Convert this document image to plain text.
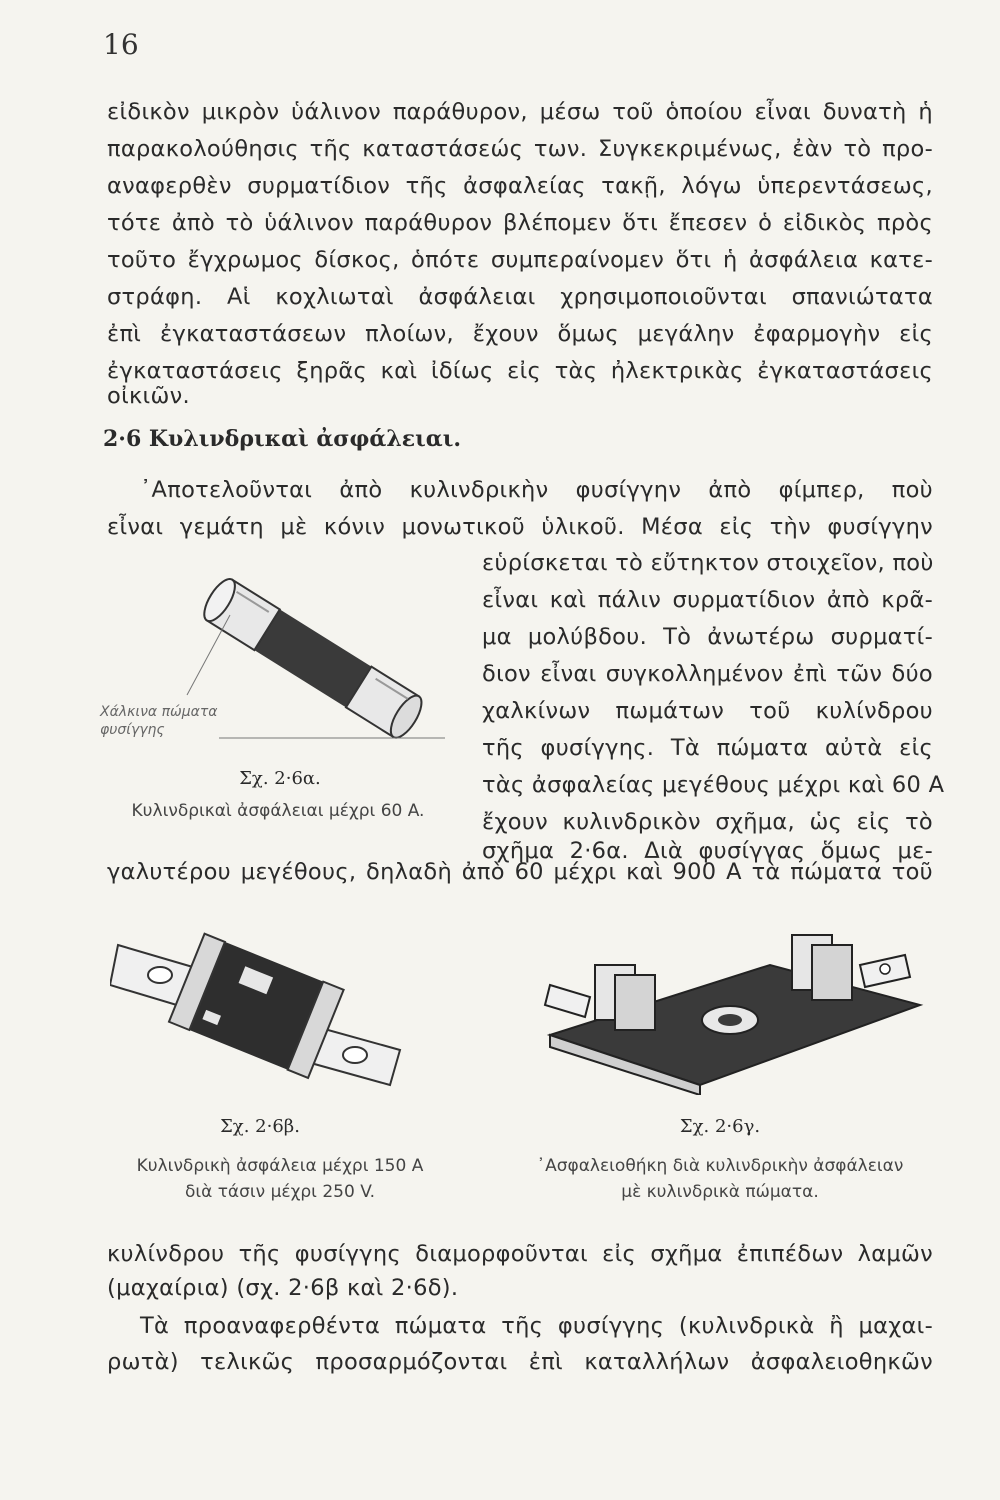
16
εἰδικὸν μικρὸν ὑάλινον παράθυρον, μέσω τοῦ ὁποίου εἶναι δυνατὴ ἡ
παρακολούθησις τῆς καταστάσεώς των. Συγκεκριμένως, ἐὰν τὸ προ-
αναφερθὲν συρματίδιον τῆς ἀσφαλείας τακῇ, λόγω ὑπερεντάσεως,
τότε ἀπὸ τὸ ὑάλινον παράθυρον βλέπομεν ὅτι ἔπεσεν ὁ εἰδικὸς πρὸς
τοῦτο ἔγχρωμος δίσκος, ὁπότε συμπεραίνομεν ὅτι ἡ ἀσφάλεια κατε-
στράφη. Αἱ κοχλιωταὶ ἀσφάλειαι χρησιμοποιοῦνται σπανιώτατα
ἐπὶ ἐγκαταστάσεων πλοίων, ἔχουν ὅμως μεγάλην ἐφαρμογὴν εἰς
ἐγκαταστάσεις ξηρᾶς καὶ ἰδίως εἰς τὰς ἠλεκτρικὰς ἐγκαταστάσεις
οἰκιῶν.
2·6 Κυλινδρικαὶ ἀσφάλειαι.
᾿Αποτελοῦνται ἀπὸ κυλινδρικὴν φυσίγγην ἀπὸ φίμπερ, ποὺ
εἶναι γεμάτη μὲ κόνιν μονωτικοῦ ὑλικοῦ. Μέσα εἰς τὴν φυσίγγην
εὑρίσκεται τὸ εὔτηκτον στοιχεῖον, ποὺ
εἶναι καὶ πάλιν συρματίδιον ἀπὸ κρᾶ-
μα μολύβδου. Τὸ ἀνωτέρω συρματί-
διον εἶναι συγκολλημένον ἐπὶ τῶν δύο
χαλκίνων πωμάτων τοῦ κυλίνδρου
τῆς φυσίγγης. Τὰ πώματα αὐτὰ εἰς
τὰς ἀσφαλείας μεγέθους μέχρι καὶ 60 A
ἔχουν κυλινδρικὸν σχῆμα, ὡς εἰς τὸ
σχῆμα 2·6α. Διὰ φυσίγγας ὅμως με-
γαλυτέρου μεγέθους, δηλαδὴ ἀπὸ 60 μέχρι καὶ 900 A τὰ πώματα τοῦ
Χάλκινα πώματα
φυσίγγης
Σχ. 2·6α.
Κυλινδρικαὶ ἀσφάλειαι μέχρι 60 A.
Σχ. 2·6β.
Κυλινδρικὴ ἀσφάλεια μέχρι 150 A
διὰ τάσιν μέχρι 250 V.
Σχ. 2·6γ.
᾿Ασφαλειοθήκη διὰ κυλινδρικὴν ἀσφάλειαν
μὲ κυλινδρικὰ πώματα.
κυλίνδρου τῆς φυσίγγης διαμορφοῦνται εἰς σχῆμα ἐπιπέδων λαμῶν
(μαχαίρια) (σχ. 2·6β καὶ 2·6δ).
Τὰ προαναφερθέντα πώματα τῆς φυσίγγης (κυλινδρικὰ ἢ μαχαι-
ρωτὰ) τελικῶς προσαρμόζονται ἐπὶ καταλλήλων ἀσφαλειοθηκῶν
